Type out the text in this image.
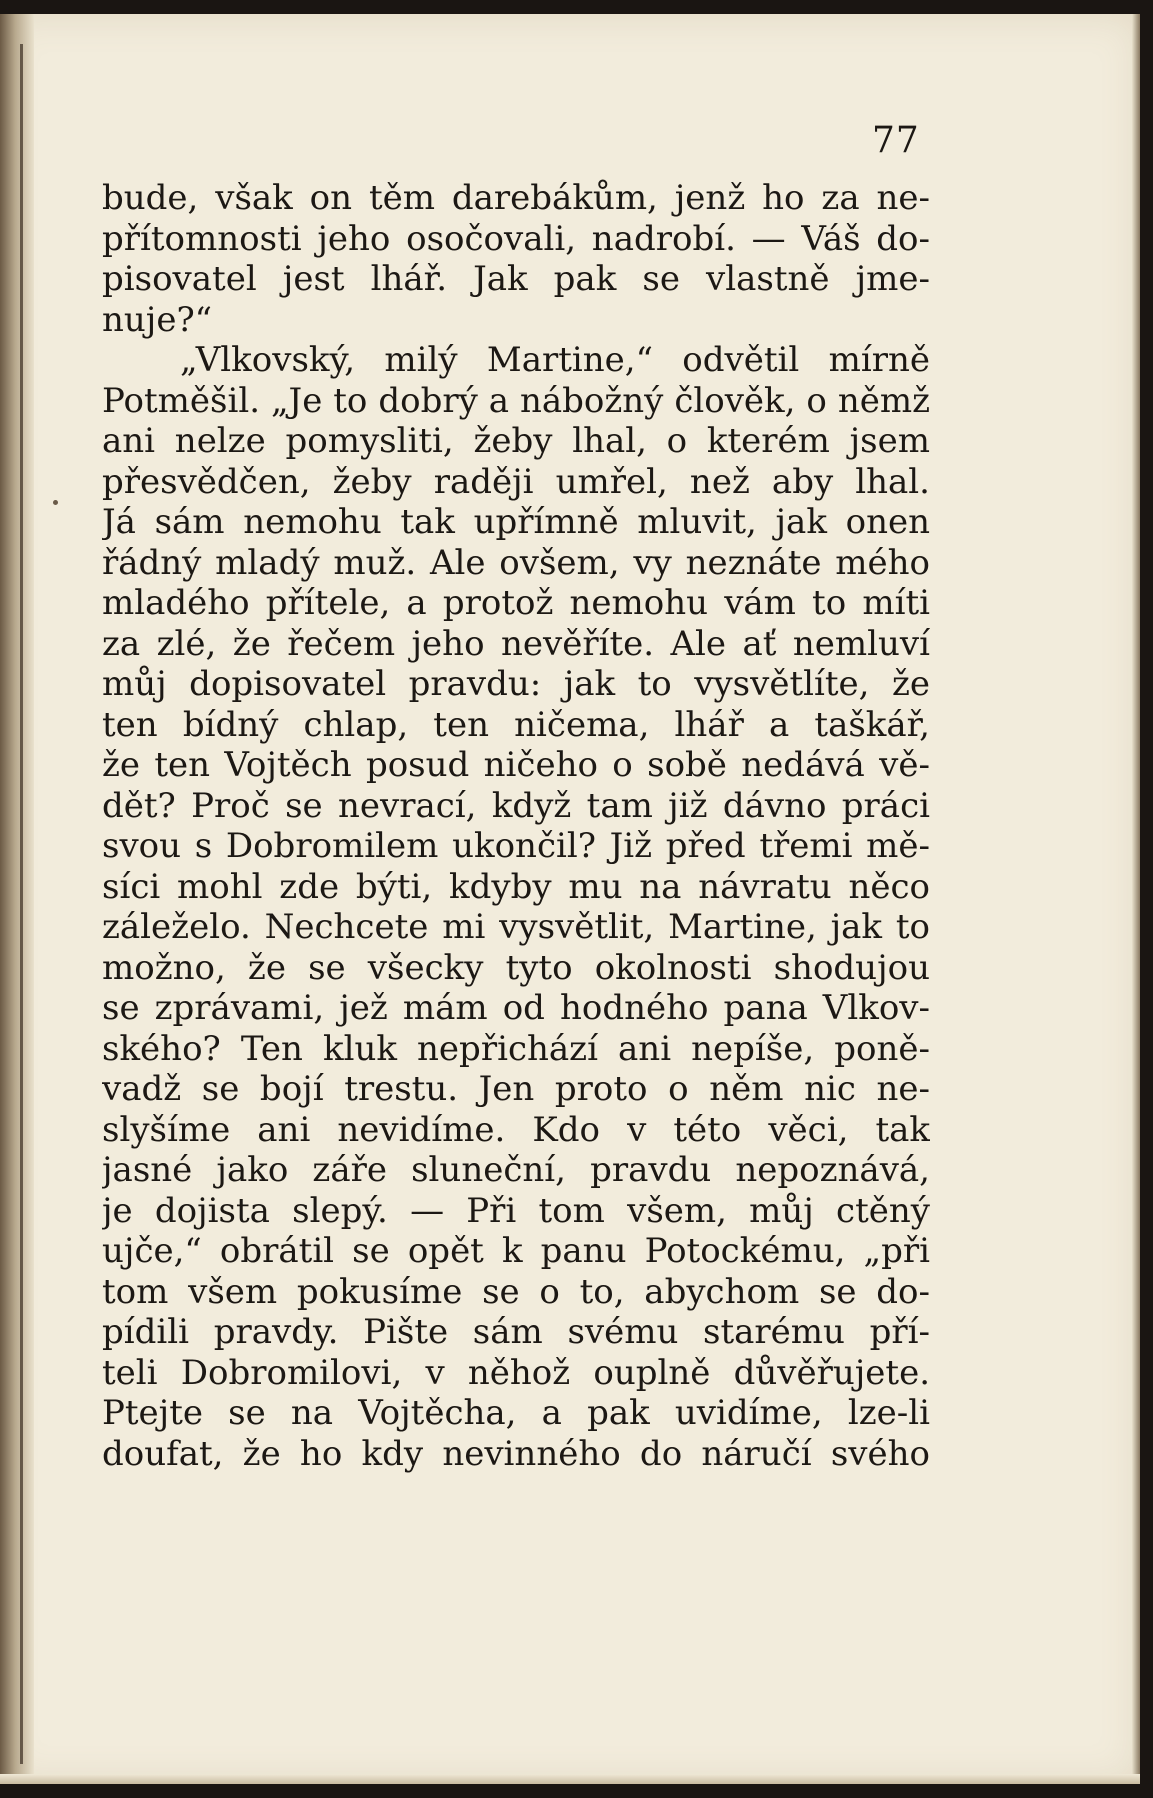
77
bude, však on těm darebákům, jenž ho za ne-
přítomnosti jeho osočovali, nadrobí. — Váš do-
pisovatel jest lhář. Jak pak se vlastně jme-
nuje?“
„Vlkovský, milý Martine,“ odvětil mírně
Potměšil. „Je to dobrý a nábožný člověk, o němž
ani nelze pomysliti, žeby lhal, o kterém jsem
přesvědčen, žeby raději umřel, než aby lhal.
Já sám nemohu tak upřímně mluvit, jak onen
řádný mladý muž. Ale ovšem, vy neznáte mého
mladého přítele, a protož nemohu vám to míti
za zlé, že řečem jeho nevěříte. Ale ať nemluví
můj dopisovatel pravdu: jak to vysvětlíte, že
ten bídný chlap, ten ničema, lhář a taškář,
že ten Vojtěch posud ničeho o sobě nedává vě-
dět? Proč se nevrací, když tam již dávno práci
svou s Dobromilem ukončil? Již před třemi mě-
síci mohl zde býti, kdyby mu na návratu něco
záleželo. Nechcete mi vysvětlit, Martine, jak to
možno, že se všecky tyto okolnosti shodujou
se zprávami, jež mám od hodného pana Vlkov-
ského? Ten kluk nepřichází ani nepíše, poně-
vadž se bojí trestu. Jen proto o něm nic ne-
slyšíme ani nevidíme. Kdo v této věci, tak
jasné jako záře sluneční, pravdu nepoznává,
je dojista slepý. — Při tom všem, můj ctěný
ujče,“ obrátil se opět k panu Potockému, „při
tom všem pokusíme se o to, abychom se do-
pídili pravdy. Pište sám svému starému pří-
teli Dobromilovi, v něhož ouplně důvěřujete.
Ptejte se na Vojtěcha, a pak uvidíme, lze-li
doufat, že ho kdy nevinného do náručí svého
